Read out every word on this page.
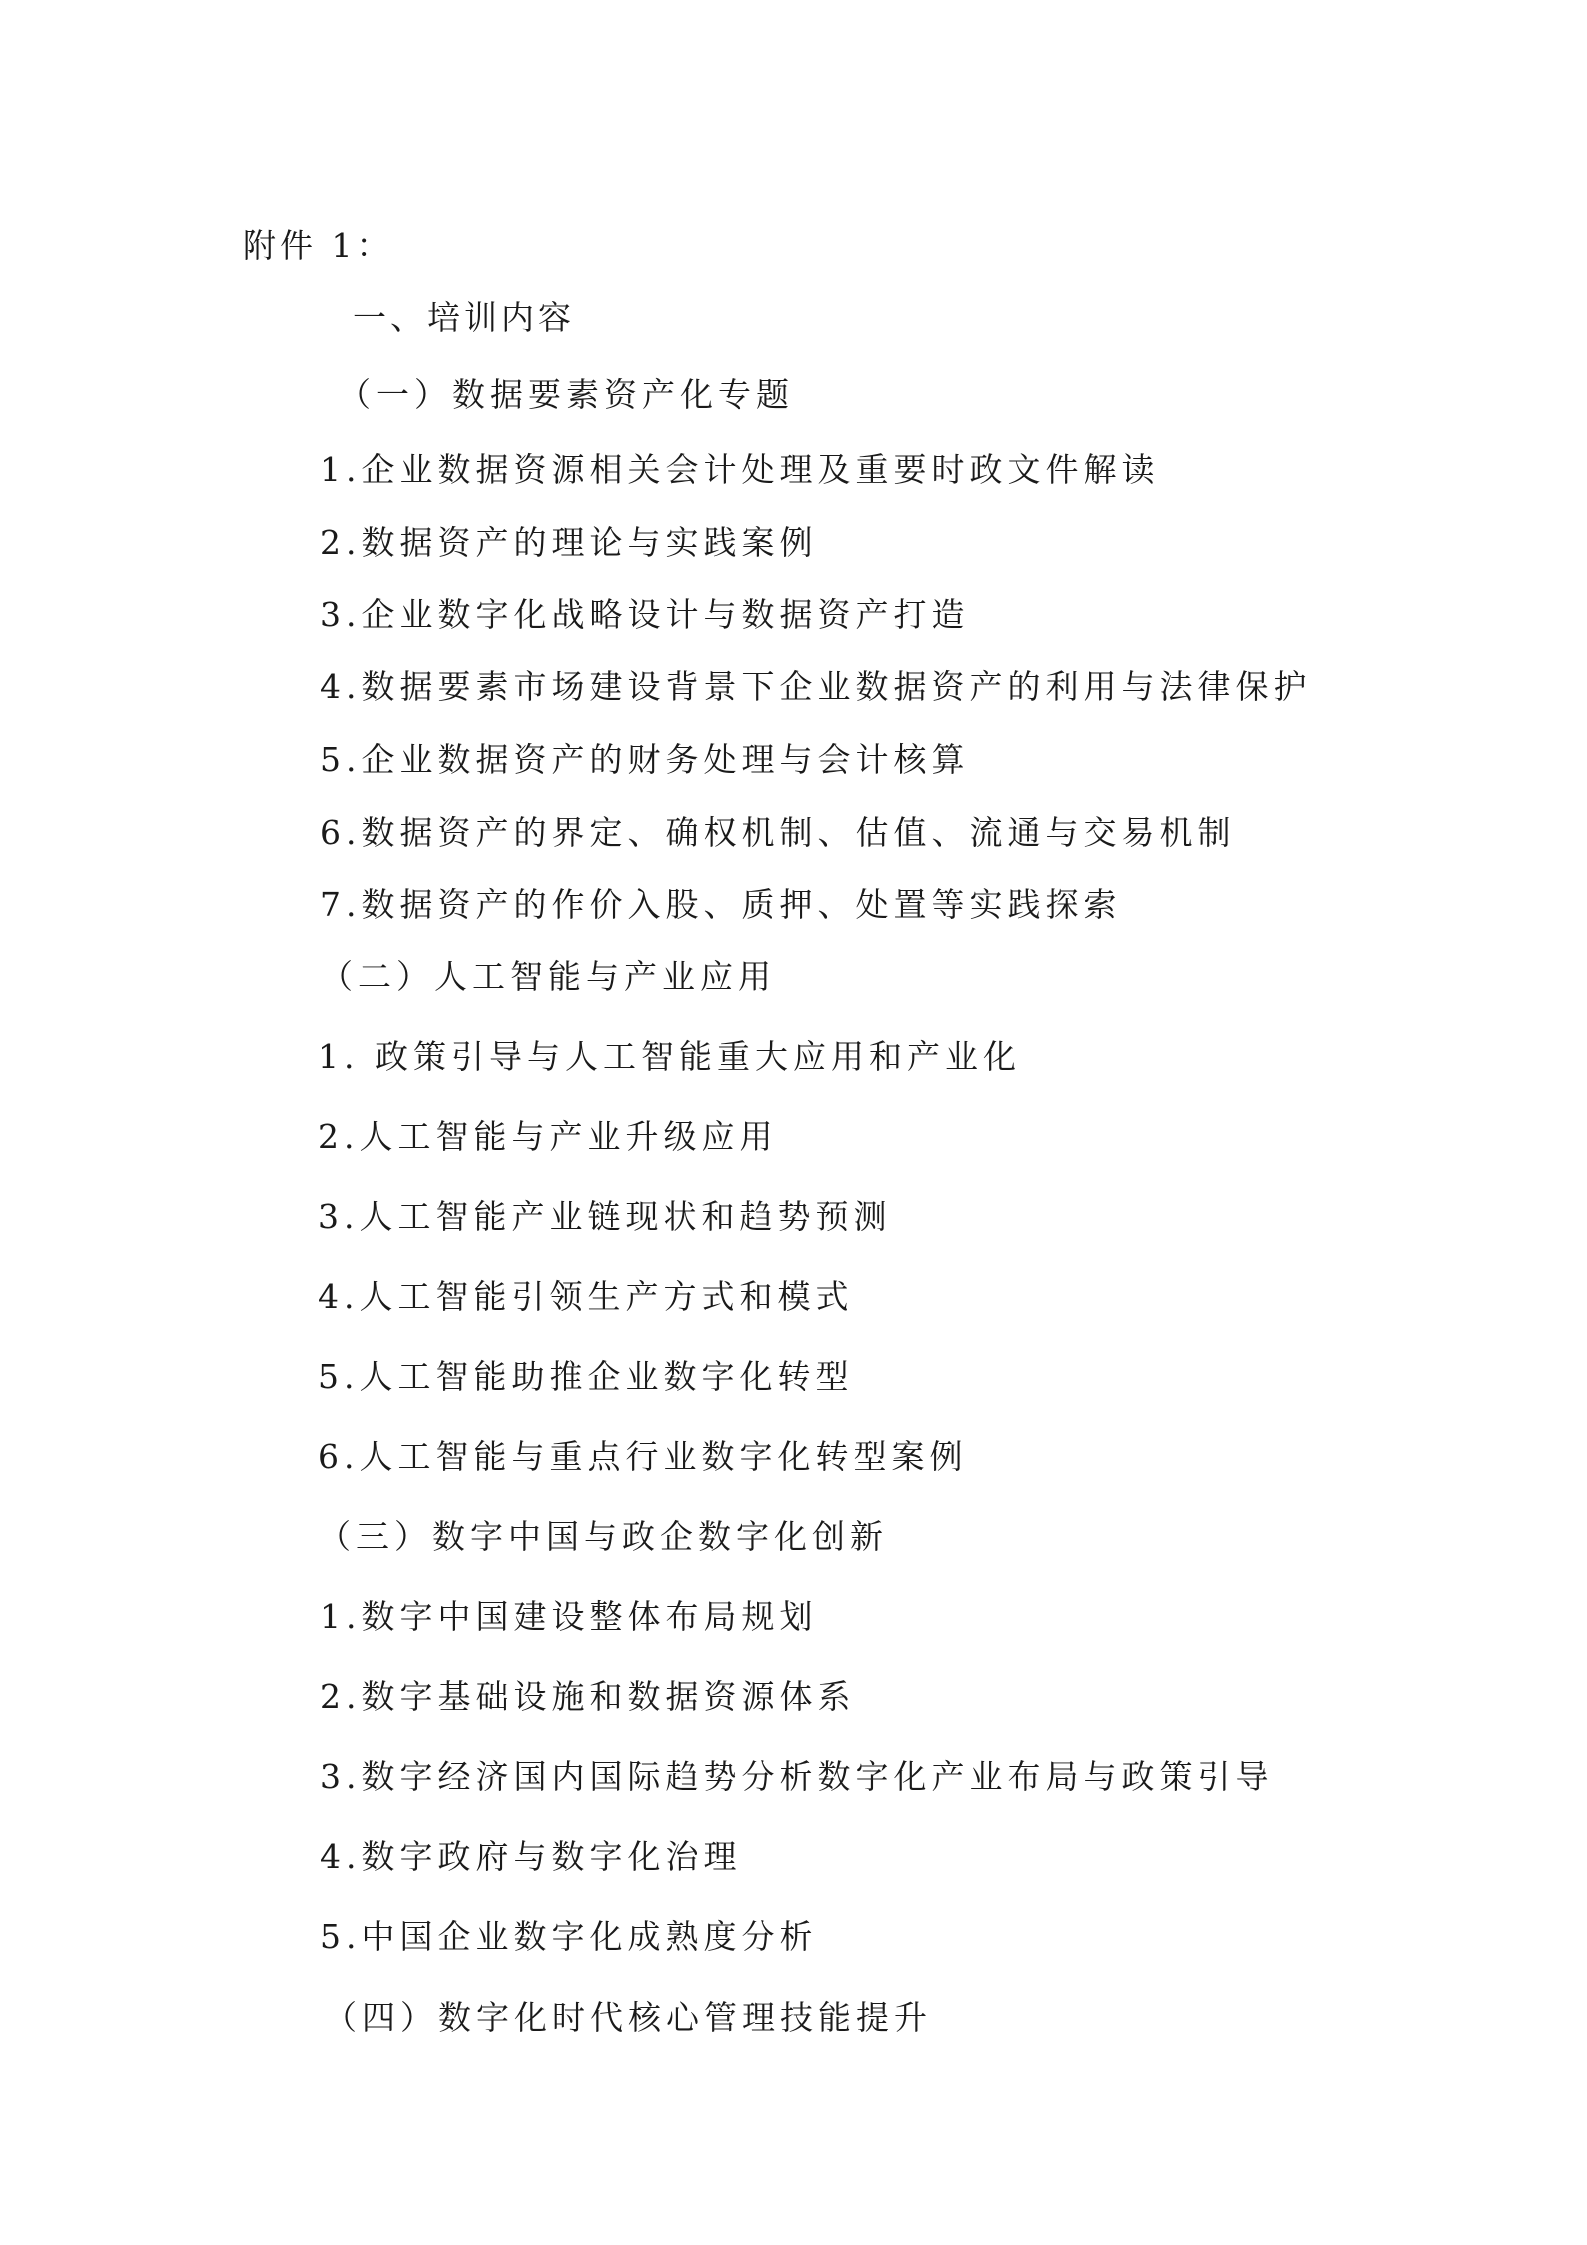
附件 1：
一、培训内容
（一）数据要素资产化专题
1.企业数据资源相关会计处理及重要时政文件解读
2.数据资产的理论与实践案例
3.企业数字化战略设计与数据资产打造
4.数据要素市场建设背景下企业数据资产的利用与法律保护
5.企业数据资产的财务处理与会计核算
6.数据资产的界定、确权机制、估值、流通与交易机制
7.数据资产的作价入股、质押、处置等实践探索
（二）人工智能与产业应用
1. 政策引导与人工智能重大应用和产业化
2.人工智能与产业升级应用
3.人工智能产业链现状和趋势预测
4.人工智能引领生产方式和模式
5.人工智能助推企业数字化转型
6.人工智能与重点行业数字化转型案例
（三）数字中国与政企数字化创新
1.数字中国建设整体布局规划
2.数字基础设施和数据资源体系
3.数字经济国内国际趋势分析数字化产业布局与政策引导
4.数字政府与数字化治理
5.中国企业数字化成熟度分析
（四）数字化时代核心管理技能提升
